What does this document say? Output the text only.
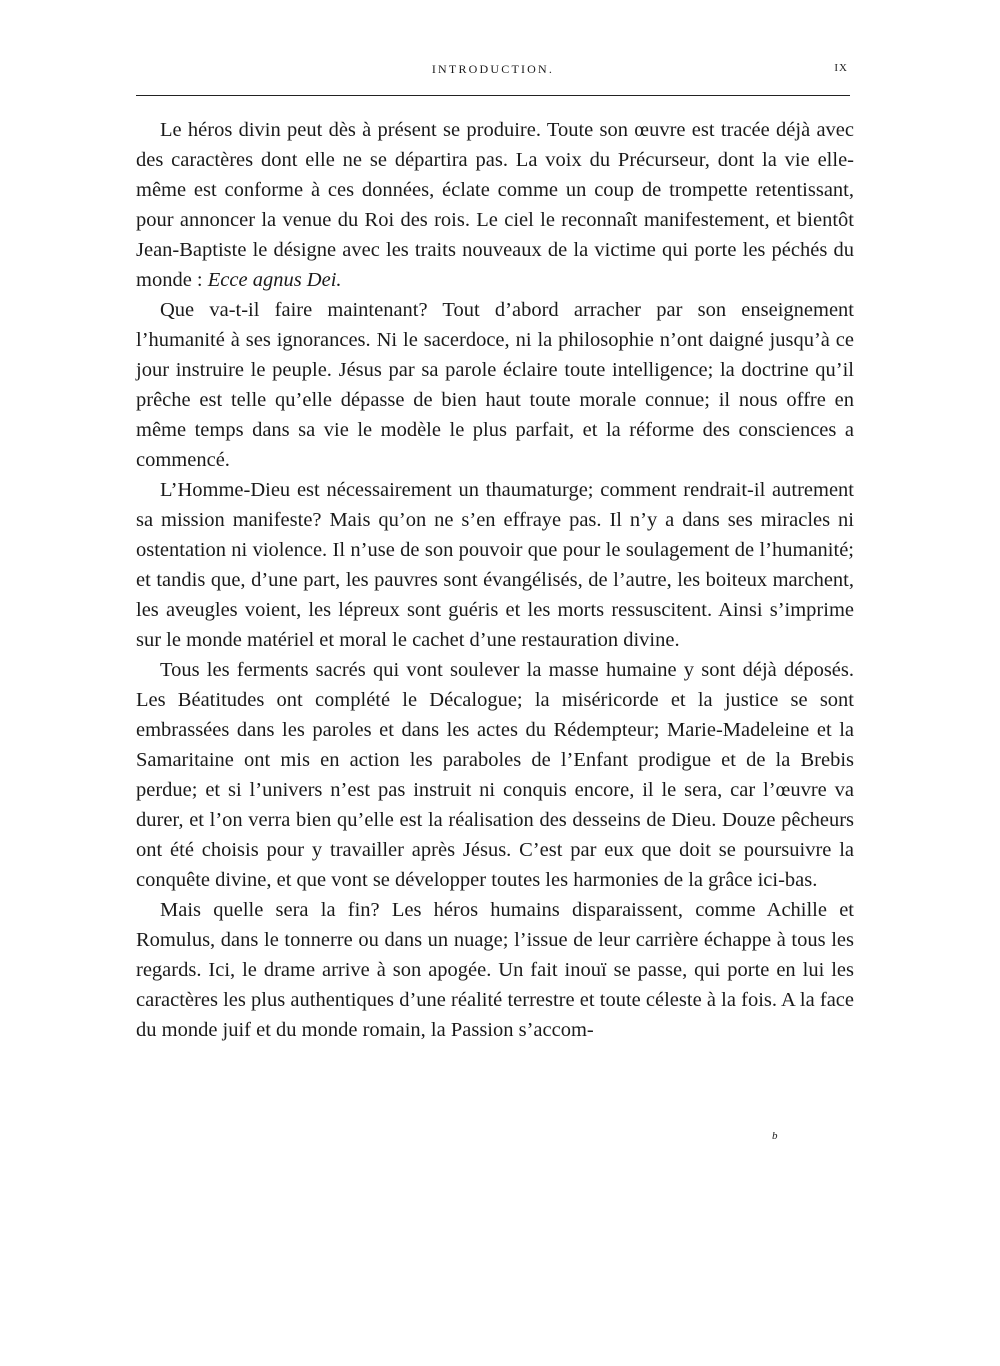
INTRODUCTION.	IX

Le héros divin peut dès à présent se produire. Toute son œuvre est tracée déjà avec des caractères dont elle ne se départira pas. La voix du Précurseur, dont la vie elle-même est conforme à ces données, éclate comme un coup de trompette retentissant, pour annoncer la venue du Roi des rois. Le ciel le reconnaît manifestement, et bientôt Jean-Baptiste le désigne avec les traits nouveaux de la victime qui porte les péchés du monde : Ecce agnus Dei.

Que va-t-il faire maintenant? Tout d’abord arracher par son enseignement l’humanité à ses ignorances. Ni le sacerdoce, ni la philosophie n’ont daigné jusqu’à ce jour instruire le peuple. Jésus par sa parole éclaire toute intelligence; la doctrine qu’il prêche est telle qu’elle dépasse de bien haut toute morale connue; il nous offre en même temps dans sa vie le modèle le plus parfait, et la réforme des consciences a commencé.

L’Homme-Dieu est nécessairement un thaumaturge; comment rendrait-il autrement sa mission manifeste? Mais qu’on ne s’en effraye pas. Il n’y a dans ses miracles ni ostentation ni violence. Il n’use de son pouvoir que pour le soulagement de l’humanité; et tandis que, d’une part, les pauvres sont évangélisés, de l’autre, les boiteux marchent, les aveugles voient, les lépreux sont guéris et les morts ressuscitent. Ainsi s’imprime sur le monde matériel et moral le cachet d’une restauration divine.

Tous les ferments sacrés qui vont soulever la masse humaine y sont déjà déposés. Les Béatitudes ont complété le Décalogue; la miséricorde et la justice se sont embrassées dans les paroles et dans les actes du Rédempteur; Marie-Madeleine et la Samaritaine ont mis en action les paraboles de l’Enfant prodigue et de la Brebis perdue; et si l’univers n’est pas instruit ni conquis encore, il le sera, car l’œuvre va durer, et l’on verra bien qu’elle est la réalisation des desseins de Dieu. Douze pêcheurs ont été choisis pour y travailler après Jésus. C’est par eux que doit se poursuivre la conquête divine, et que vont se développer toutes les harmonies de la grâce ici-bas.

Mais quelle sera la fin? Les héros humains disparaissent, comme Achille et Romulus, dans le tonnerre ou dans un nuage; l’issue de leur carrière échappe à tous les regards. Ici, le drame arrive à son apogée. Un fait inouï se passe, qui porte en lui les caractères les plus authentiques d’une réalité terrestre et toute céleste à la fois. A la face du monde juif et du monde romain, la Passion s’accom-

b
